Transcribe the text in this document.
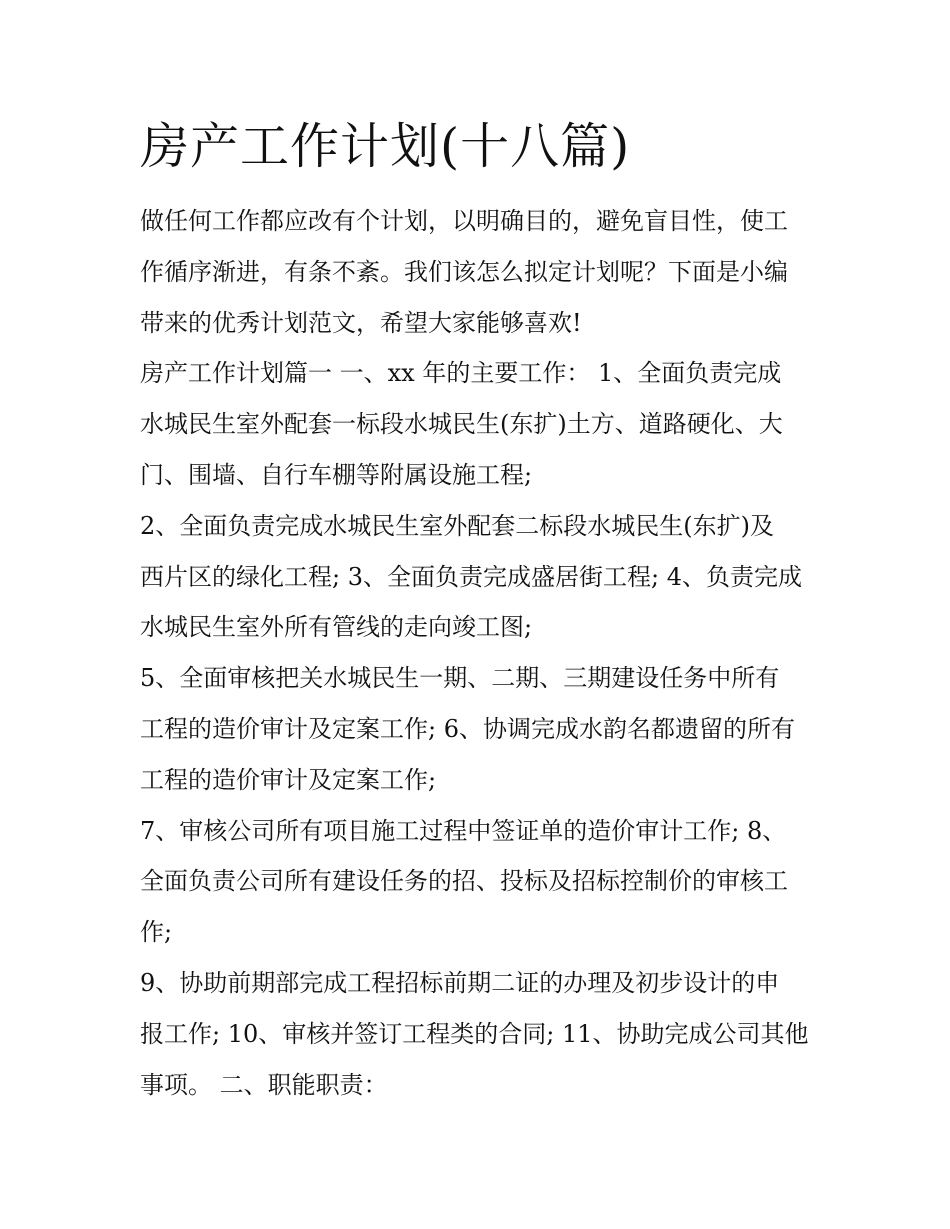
房产工作计划(十八篇)

做任何工作都应改有个计划，以明确目的，避免盲目性，使工
作循序渐进，有条不紊。我们该怎么拟定计划呢？下面是小编
带来的优秀计划范文，希望大家能够喜欢!

房产工作计划篇一 一、xx 年的主要工作： 1、全面负责完成
水城民生室外配套一标段水城民生(东扩)土方、道路硬化、大
门、围墙、自行车棚等附属设施工程;

2、全面负责完成水城民生室外配套二标段水城民生(东扩)及
西片区的绿化工程; 3、全面负责完成盛居街工程; 4、负责完成
水城民生室外所有管线的走向竣工图;

5、全面审核把关水城民生一期、二期、三期建设任务中所有
工程的造价审计及定案工作; 6、协调完成水韵名都遗留的所有
工程的造价审计及定案工作;

7、审核公司所有项目施工过程中签证单的造价审计工作; 8、
全面负责公司所有建设任务的招、投标及招标控制价的审核工
作;

9、协助前期部完成工程招标前期二证的办理及初步设计的申
报工作; 10、审核并签订工程类的合同; 11、协助完成公司其他
事项。 二、职能职责：
